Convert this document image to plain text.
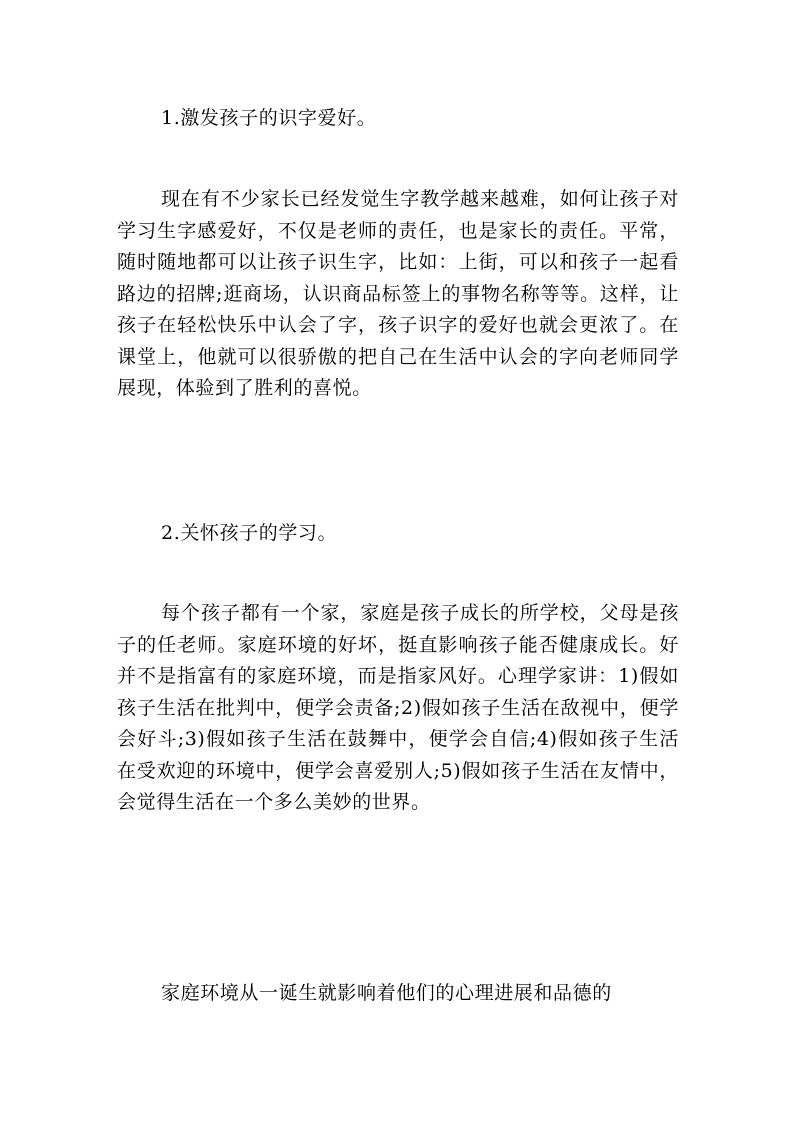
1.激发孩子的识字爱好。

现在有不少家长已经发觉生字教学越来越难，如何让孩子对学习生字感爱好，不仅是老师的责任，也是家长的责任。平常，随时随地都可以让孩子识生字，比如：上街，可以和孩子一起看路边的招牌;逛商场，认识商品标签上的事物名称等等。这样，让孩子在轻松快乐中认会了字，孩子识字的爱好也就会更浓了。在课堂上，他就可以很骄傲的把自己在生活中认会的字向老师同学展现，体验到了胜利的喜悦。

2.关怀孩子的学习。

每个孩子都有一个家，家庭是孩子成长的所学校，父母是孩子的任老师。家庭环境的好坏，挺直影响孩子能否健康成长。好并不是指富有的家庭环境，而是指家风好。心理学家讲：1)假如孩子生活在批判中，便学会责备;2)假如孩子生活在敌视中，便学会好斗;3)假如孩子生活在鼓舞中，便学会自信;4)假如孩子生活在受欢迎的环境中，便学会喜爱别人;5)假如孩子生活在友情中，会觉得生活在一个多么美妙的世界。

家庭环境从一诞生就影响着他们的心理进展和品德的
